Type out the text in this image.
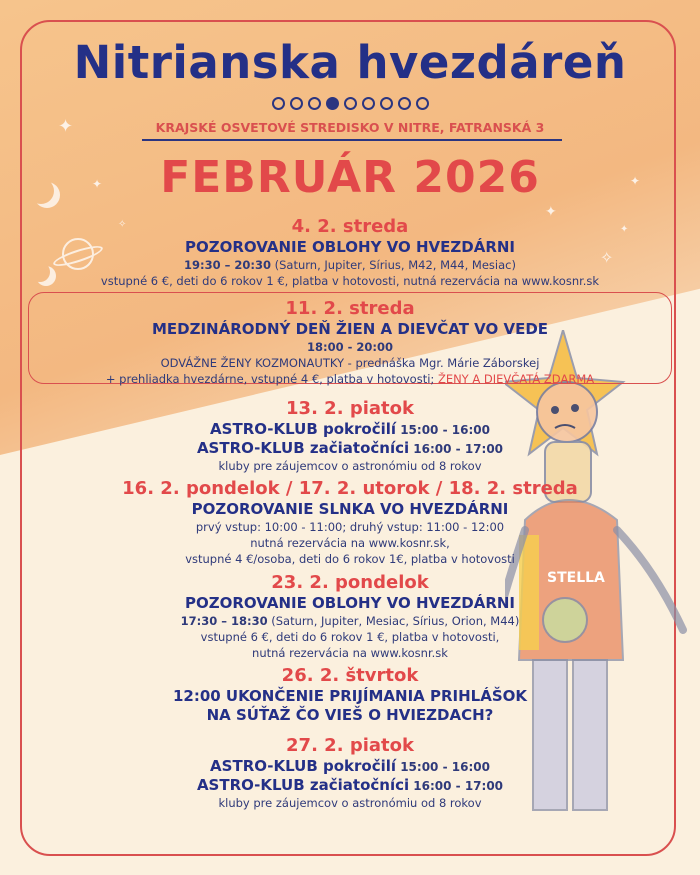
✦
✦
✧
✦
✦
✧
✦
STELLA
Nitrianska hvezdáreň
KRAJSKÉ OSVETOVÉ STREDISKO V NITRE, FATRANSKÁ 3
FEBRUÁR 2026
4. 2. streda
POZOROVANIE OBLOHY VO HVEZDÁRNI
19:30 – 20:30 (Saturn, Jupiter, Sírius, M42, M44, Mesiac)
vstupné 6 €, deti do 6 rokov 1 €, platba v hotovosti, nutná rezervácia na www.kosnr.sk
11. 2. streda
MEDZINÁRODNÝ DEŇ ŽIEN A DIEVČAT VO VEDE
18:00 - 20:00
ODVÁŽNE ŽENY KOZMONAUTKY - prednáška Mgr. Márie Záborskej
+ prehliadka hvezdárne, vstupné 4 €, platba v hotovosti; ŽENY A DIEVČATÁ ZDARMA
13. 2. piatok
ASTRO-KLUB pokročilí 15:00 - 16:00
ASTRO-KLUB začiatočníci 16:00 - 17:00
kluby pre záujemcov o astronómiu od 8 rokov
16. 2. pondelok / 17. 2. utorok / 18. 2. streda
POZOROVANIE SLNKA VO HVEZDÁRNI
prvý vstup: 10:00 - 11:00; druhý vstup: 11:00 - 12:00
nutná rezervácia na www.kosnr.sk,
vstupné 4 €/osoba, deti do 6 rokov 1€, platba v hotovosti
23. 2. pondelok
POZOROVANIE OBLOHY VO HVEZDÁRNI
17:30 – 18:30 (Saturn, Jupiter, Mesiac, Sírius, Orion, M44)
vstupné 6 €, deti do 6 rokov 1 €, platba v hotovosti,
nutná rezervácia na www.kosnr.sk
26. 2. štvrtok
12:00 UKONČENIE PRIJÍMANIA PRIHLÁŠOK
NA SÚŤAŽ ČO VIEŠ O HVIEZDACH?
27. 2. piatok
ASTRO-KLUB pokročilí 15:00 - 16:00
ASTRO-KLUB začiatočníci 16:00 - 17:00
kluby pre záujemcov o astronómiu od 8 rokov
